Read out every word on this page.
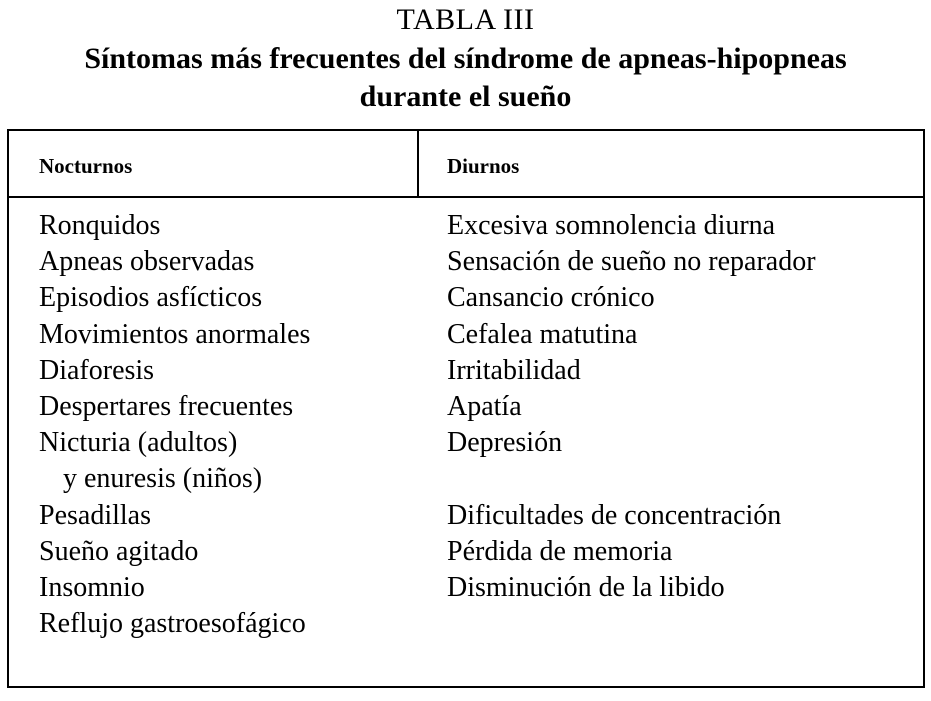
TABLA III
Síntomas más frecuentes del síndrome de apneas-hipopneas
durante el sueño
Nocturnos	Diurnos
Ronquidos
Apneas observadas
Episodios asfícticos
Movimientos anormales
Diaforesis
Despertares frecuentes
Nicturia (adultos)
y enuresis (niños)
Pesadillas
Sueño agitado
Insomnio
Reflujo gastroesofágico
Excesiva somnolencia diurna
Sensación de sueño no reparador
Cansancio crónico
Cefalea matutina
Irritabilidad
Apatía
Depresión
Dificultades de concentración
Pérdida de memoria
Disminución de la libido
